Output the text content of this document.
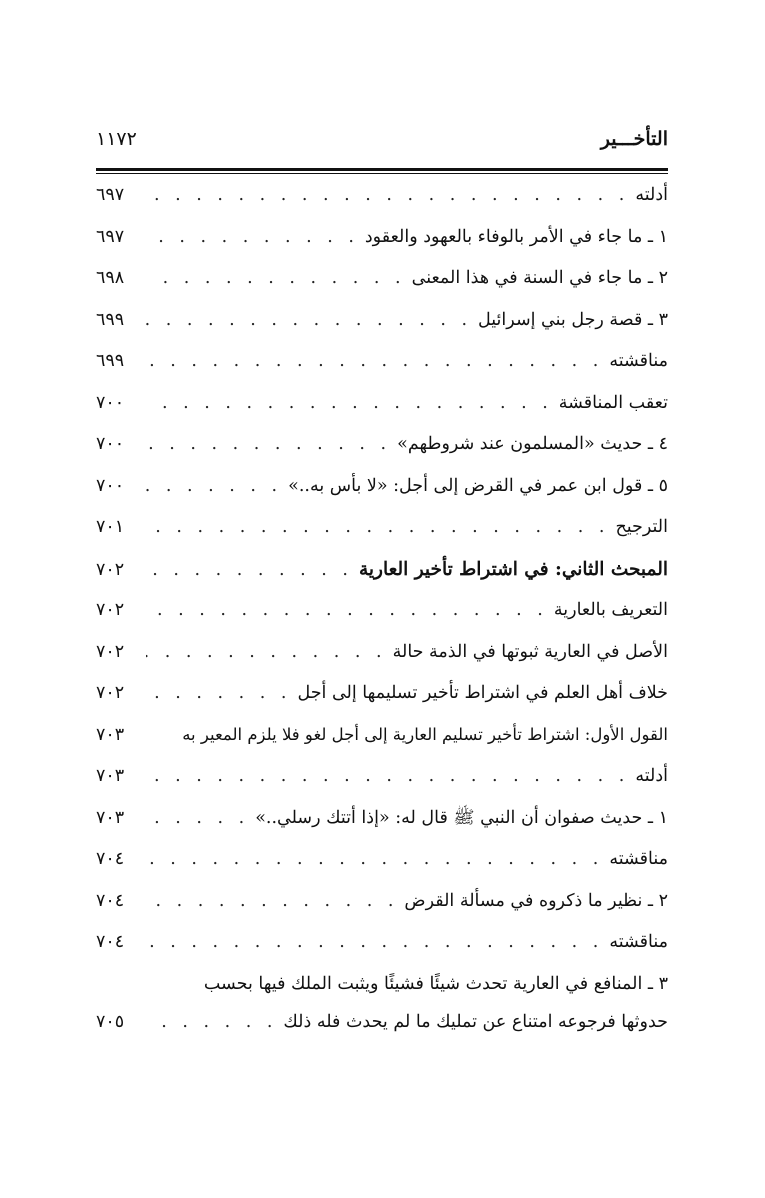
التأخـــير
١١٧٢
أدلته
. . .
٦٩٧
١ ـ ما جاء في الأمر بالوفاء بالعهود والعقود
. . .
٦٩٧
٢ ـ ما جاء في السنة في هذا المعنى
. . .
٦٩٨
٣ ـ قصة رجل بني إسرائيل
. . .
٦٩٩
مناقشته
. . .
٦٩٩
تعقب المناقشة
. . .
٧٠٠
٤ ـ حديث «المسلمون عند شروطهم»
. . .
٧٠٠
٥ ـ قول ابن عمر في القرض إلى أجل: «لا بأس به..»
. . .
٧٠٠
الترجيح
. . .
٧٠١
المبحث الثاني: في اشتراط تأخير العارية
. . .
٧٠٢
التعريف بالعارية
. . .
٧٠٢
الأصل في العارية ثبوتها في الذمة حالة
. . .
٧٠٢
خلاف أهل العلم في اشتراط تأخير تسليمها إلى أجل
. . .
٧٠٢
القول الأول: اشتراط تأخير تسليم العارية إلى أجل لغو فلا يلزم المعير به
٧٠٣
أدلته
. . .
٧٠٣
١ ـ حديث صفوان أن النبي ﷺ قال له: «إذا أتتك رسلي..»
. . .
٧٠٣
مناقشته
. . .
٧٠٤
٢ ـ نظير ما ذكروه في مسألة القرض
. . .
٧٠٤
مناقشته
. . .
٧٠٤
٣ ـ المنافع في العارية تحدث شيئًا فشيئًا ويثبت الملك فيها بحسب
حدوثها فرجوعه امتناع عن تمليك ما لم يحدث فله ذلك
. . .
٧٠٥
